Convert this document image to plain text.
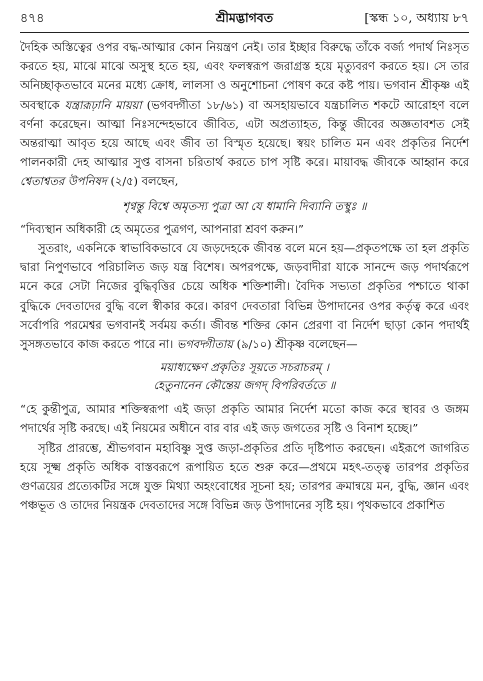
৪৭৪	শ্রীমদ্ভাগবত	[স্কন্ধ ১০, অধ্যায় ৮৭

দৈহিক অস্তিত্বের ওপর বদ্ধ-আত্মার কোন নিয়ন্ত্রণ নেই। তার ইচ্ছার বিরুদ্ধে তাঁকে বর্জ্য পদার্থ নিঃসৃত করতে হয়, মাঝে মাঝে অসুস্থ হতে হয়, এবং ফলস্বরূপ জরাগ্রস্ত হয়ে মৃত্যুবরণ করতে হয়। সে তার অনিচ্ছাকৃতভাবে মনের মধ্যে ক্রোধ, লালসা ও অনুশোচনা পোষণ করে কষ্ট পায়। ভগবান শ্রীকৃষ্ণ এই অবস্থাকে যন্ত্রারূঢ়ানি মায়য়া (ভগবদ্গীতা ১৮/৬১) বা অসহায়ভাবে যন্ত্রচালিত শকটে আরোহণ বলে বর্ণনা করেছেন। আত্মা নিঃসন্দেহভাবে জীবিত, এটা অপ্রত্যাহত, কিন্তু জীবের অজ্ঞতাবশত সেই অন্তরাত্মা আবৃত হয়ে আছে এবং জীব তা বিস্মৃত হয়েছে। স্বয়ং চালিত মন এবং প্রকৃতির নির্দেশ পালনকারী দেহ আত্মার সুপ্ত বাসনা চরিতার্থ করতে চাপ সৃষ্টি করে। মায়াবদ্ধ জীবকে আহ্বান করে শ্বেতাশ্বতর উপনিষদ (২/৫) বলছেন,

শৃণ্বন্তু বিশ্বে অমৃতস্য পুত্রা আ যে ধামানি দিব্যানি তস্থুঃ ॥

“দিব্যস্থান অধিকারী হে অমৃতের পুত্রগণ, আপনারা শ্রবণ করুন।”

সুতরাং, একনিকে স্বাভাবিকভাবে যে জড়দেহকে জীবন্ত বলে মনে হয়—প্রকৃতপক্ষে তা হল প্রকৃতি দ্বারা নিপুণভাবে পরিচালিত জড় যন্ত্র বিশেষ। অপরপক্ষে, জড়বাদীরা যাকে সানন্দে জড় পদার্থরূপে মনে করে সেটা নিজের বুদ্ধিবৃত্তির চেয়ে অধিক শক্তিশালী। বৈদিক সভ্যতা প্রকৃতির পশ্চাতে থাকা বুদ্ধিকে দেবতাদের বুদ্ধি বলে স্বীকার করে। কারণ দেবতারা বিভিন্ন উপাদানের ওপর কর্তৃত্ব করে এবং সর্বোপরি পরমেশ্বর ভগবানই সর্বময় কর্তা। জীবন্ত শক্তির কোন প্রেরণা বা নির্দেশ ছাড়া কোন পদার্থই সুসঙ্গতভাবে কাজ করতে পারে না। ভগবদ্গীতায় (৯/১০) শ্রীকৃষ্ণ বলেছেন—

ময়াধ্যক্ষেণ প্রকৃতিঃ সূয়তে সচরাচরম্ ।
হেতুনানেন কৌন্তেয় জগদ্ বিপরিবর্ততে ॥

“হে কুন্তীপুত্র, আমার শক্তিস্বরূপা এই জড়া প্রকৃতি আমার নির্দেশ মতো কাজ করে স্থাবর ও জঙ্গম পদার্থের সৃষ্টি করছে। এই নিয়মের অধীনে বার বার এই জড় জগতের সৃষ্টি ও বিনাশ হচ্ছে।”

সৃষ্টির প্রারম্ভে, শ্রীভগবান মহাবিষ্ণু সুপ্ত জড়া-প্রকৃতির প্রতি দৃষ্টিপাত করছেন। এইরূপে জাগরিত হয়ে সূক্ষ্ম প্রকৃতি অধিক বাস্তবরূপে রূপায়িত হতে শুরু করে—প্রথমে মহৎ-তত্ত্ব তারপর প্রকৃতির গুণত্রয়ের প্রত্যেকটির সঙ্গে যুক্ত মিথ্যা অহংবোধের সূচনা হয়; তারপর ক্রমান্বয়ে মন, বুদ্ধি, জ্ঞান এবং পঞ্চভূত ও তাদের নিয়ন্ত্রক দেবতাদের সঙ্গে বিভিন্ন জড় উপাদানের সৃষ্টি হয়। পৃথকভাবে প্রকাশিত
